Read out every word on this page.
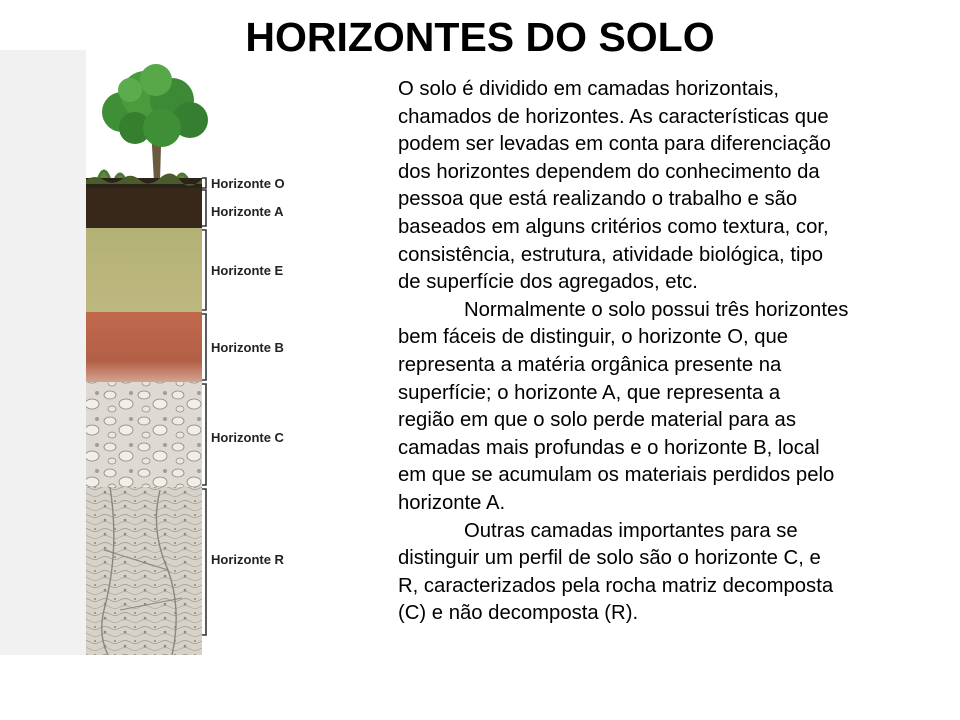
HORIZONTES DO SOLO
Horizonte O
Horizonte A
Horizonte E
Horizonte B
Horizonte C
Horizonte R

O solo é dividido em camadas horizontais,
chamados de horizontes. As características que
podem ser levadas em conta para diferenciação
dos horizontes dependem do conhecimento da
pessoa que está realizando o trabalho e são
baseados em alguns critérios como textura, cor,
consistência, estrutura, atividade biológica, tipo
de superfície dos agregados, etc.

Normalmente o solo possui três horizontes
bem fáceis de distinguir, o horizonte O, que
representa a matéria orgânica presente na
superfície; o horizonte A, que representa a
região em que o solo perde material para as
camadas mais profundas e o horizonte B, local
em que se acumulam os materiais perdidos pelo
horizonte A.

Outras camadas importantes para se
distinguir um perfil de solo são o horizonte C, e
R, caracterizados pela rocha matriz decomposta
(C) e não decomposta (R).
